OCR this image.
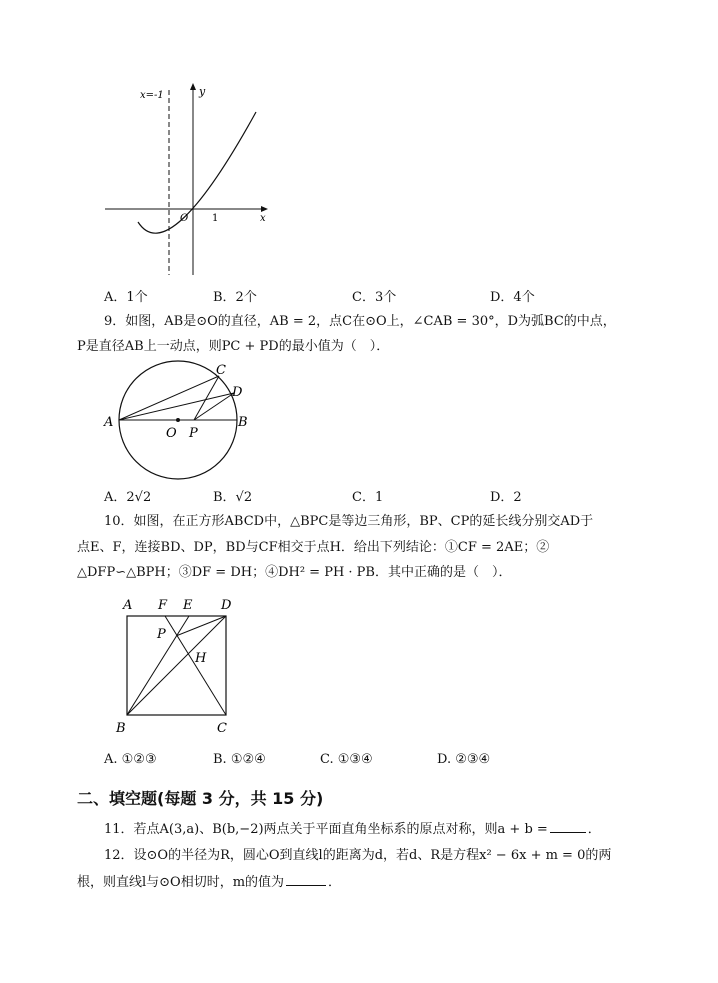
x=-1	y
O 1	x
A．1个	B．2个	C．3个	D．4个
9．如图，AB是⊙O的直径，AB = 2，点C在⊙O上，∠CAB = 30°，D为弧BC的中点，
P是直径AB上一动点，则PC + PD的最小值为（　）．
A	B
C
D
O P
A．2√2	B．√2	C．1	D．2
10．如图，在正方形ABCD中，△BPC是等边三角形，BP、CP的延长线分别交AD于
点E、F，连接BD、DP，BD与CF相交于点H．给出下列结论：①CF = 2AE；②
△DFP∽△BPH；③DF = DH；④DH² = PH · PB．其中正确的是（　）．
A F E D
P
H
B	C
A. ①②③	B. ①②④	C. ①③④	D. ②③④
二、填空题(每题 3 分，共 15 分)
11．若点A(3,a)、B(b,−2)两点关于平面直角坐标系的原点对称，则a + b =	．
12．设⊙O的半径为R，圆心O到直线l的距离为d，若d、R是方程x² − 6x + m = 0的两
根，则直线l与⊙O相切时，m的值为	．
